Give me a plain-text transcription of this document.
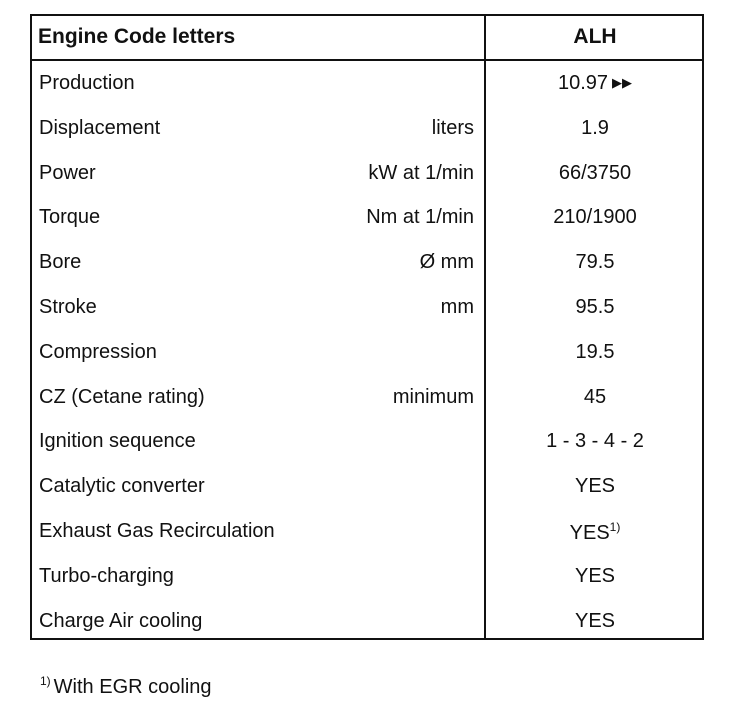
Engine Code letters	ALH
Production	10.97 ▶▶
Displacement	liters	1.9
Power	kW at 1/min	66/3750
Torque	Nm at 1/min	210/1900
Bore	Ø mm	79.5
Stroke	mm	95.5
Compression	19.5
CZ (Cetane rating)	minimum	45
Ignition sequence	1 - 3 - 4 - 2
Catalytic converter	YES
Exhaust Gas Recirculation	YES$^{1)}$
Turbo-charging	YES
Charge Air cooling	YES
$^{1)}$ With EGR cooling
